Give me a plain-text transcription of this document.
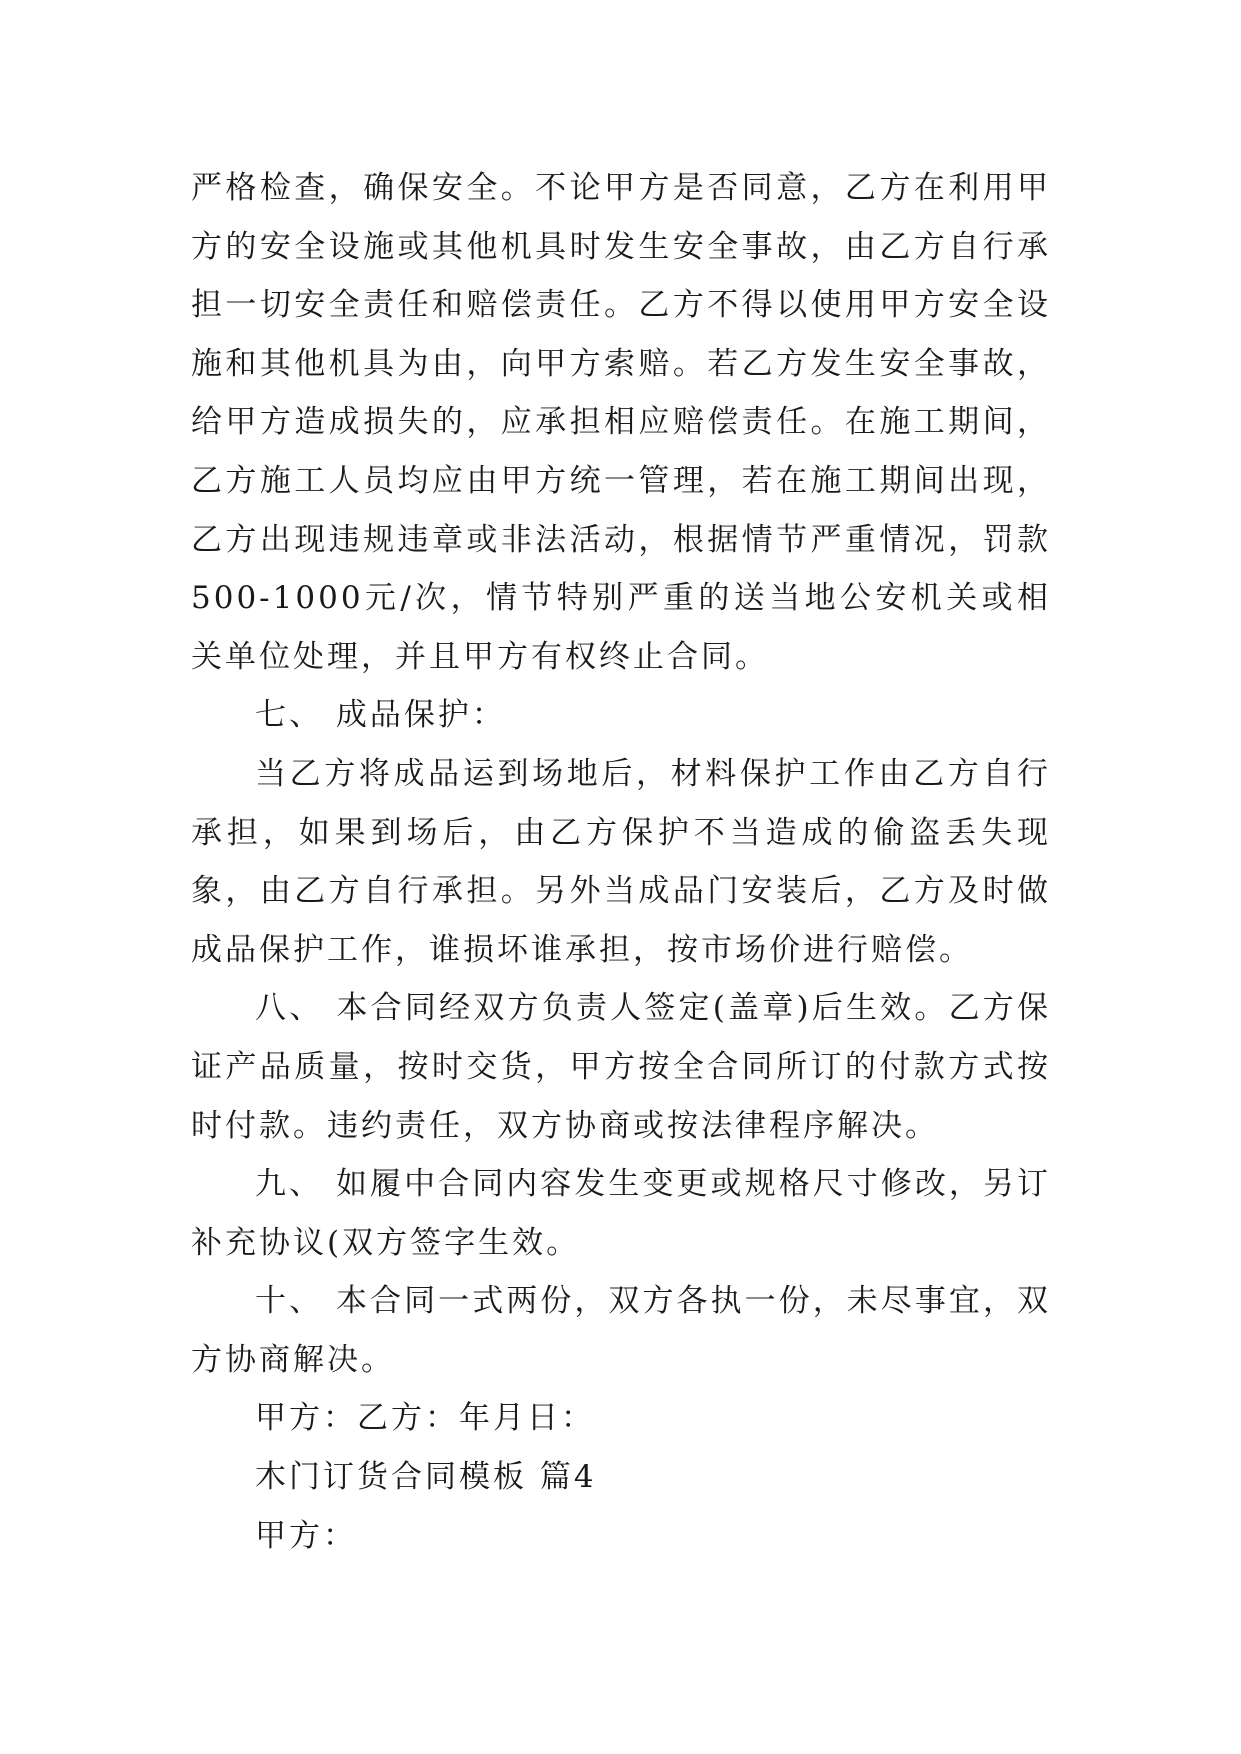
严格检查，确保安全。不论甲方是否同意，乙方在利用甲方的安全设施或其他机具时发生安全事故，由乙方自行承担一切安全责任和赔偿责任。乙方不得以使用甲方安全设施和其他机具为由，向甲方索赔。若乙方发生安全事故，给甲方造成损失的，应承担相应赔偿责任。在施工期间，乙方施工人员均应由甲方统一管理，若在施工期间出现，乙方出现违规违章或非法活动，根据情节严重情况，罚款500-1000元/次，情节特别严重的送当地公安机关或相关单位处理，并且甲方有权终止合同。

七、 成品保护：

当乙方将成品运到场地后，材料保护工作由乙方自行承担，如果到场后，由乙方保护不当造成的偷盗丢失现象，由乙方自行承担。另外当成品门安装后，乙方及时做成品保护工作，谁损坏谁承担，按市场价进行赔偿。

八、 本合同经双方负责人签定(盖章)后生效。乙方保证产品质量，按时交货，甲方按全合同所订的付款方式按时付款。违约责任，双方协商或按法律程序解决。

九、 如履中合同内容发生变更或规格尺寸修改，另订补充协议(双方签字生效。

十、 本合同一式两份，双方各执一份，未尽事宜，双方协商解决。

甲方：乙方：年月日：

木门订货合同模板 篇4

甲方：
